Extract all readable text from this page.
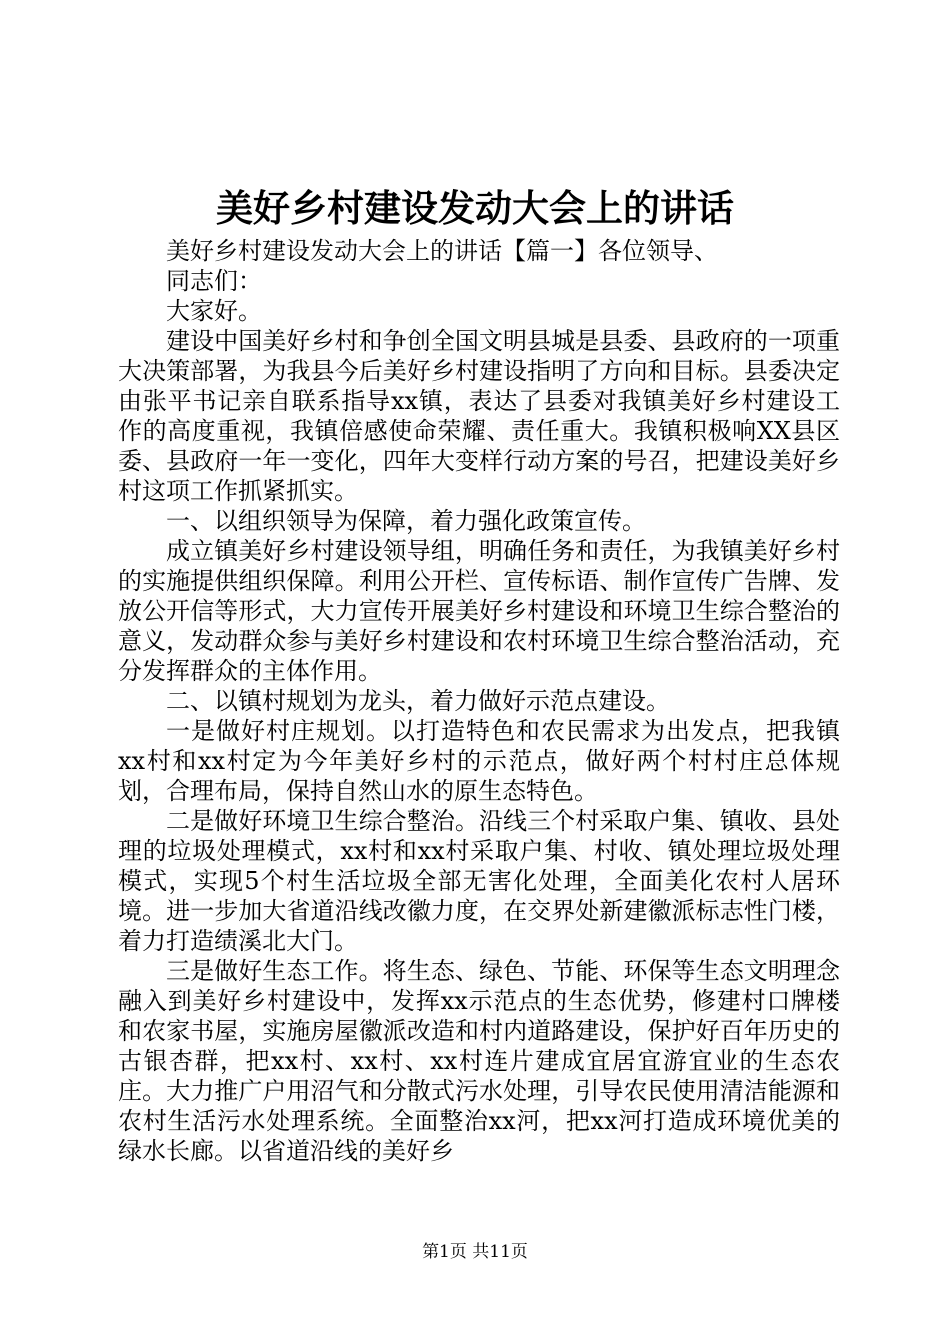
美好乡村建设发动大会上的讲话

美好乡村建设发动大会上的讲话【篇一】各位领导、

同志们：

大家好。

建设中国美好乡村和争创全国文明县城是县委、县政府的一项重大决策部署，为我县今后美好乡村建设指明了方向和目标。县委决定由张平书记亲自联系指导xx镇，表达了县委对我镇美好乡村建设工作的高度重视，我镇倍感使命荣耀、责任重大。我镇积极响XX县区委、县政府一年一变化，四年大变样行动方案的号召，把建设美好乡村这项工作抓紧抓实。

一、以组织领导为保障，着力强化政策宣传。

成立镇美好乡村建设领导组，明确任务和责任，为我镇美好乡村的实施提供组织保障。利用公开栏、宣传标语、制作宣传广告牌、发放公开信等形式，大力宣传开展美好乡村建设和环境卫生综合整治的意义，发动群众参与美好乡村建设和农村环境卫生综合整治活动，充分发挥群众的主体作用。

二、以镇村规划为龙头，着力做好示范点建设。

一是做好村庄规划。以打造特色和农民需求为出发点，把我镇xx村和xx村定为今年美好乡村的示范点，做好两个村村庄总体规划，合理布局，保持自然山水的原生态特色。

二是做好环境卫生综合整治。沿线三个村采取户集、镇收、县处理的垃圾处理模式，xx村和xx村采取户集、村收、镇处理垃圾处理模式，实现5个村生活垃圾全部无害化处理，全面美化农村人居环境。进一步加大省道沿线改徽力度，在交界处新建徽派标志性门楼，着力打造绩溪北大门。

三是做好生态工作。将生态、绿色、节能、环保等生态文明理念融入到美好乡村建设中，发挥xx示范点的生态优势，修建村口牌楼和农家书屋，实施房屋徽派改造和村内道路建设，保护好百年历史的古银杏群，把xx村、xx村、xx村连片建成宜居宜游宜业的生态农庄。大力推广户用沼气和分散式污水处理，引导农民使用清洁能源和农村生活污水处理系统。全面整治xx河，把xx河打造成环境优美的绿水长廊。以省道沿线的美好乡

第1页 共11页
